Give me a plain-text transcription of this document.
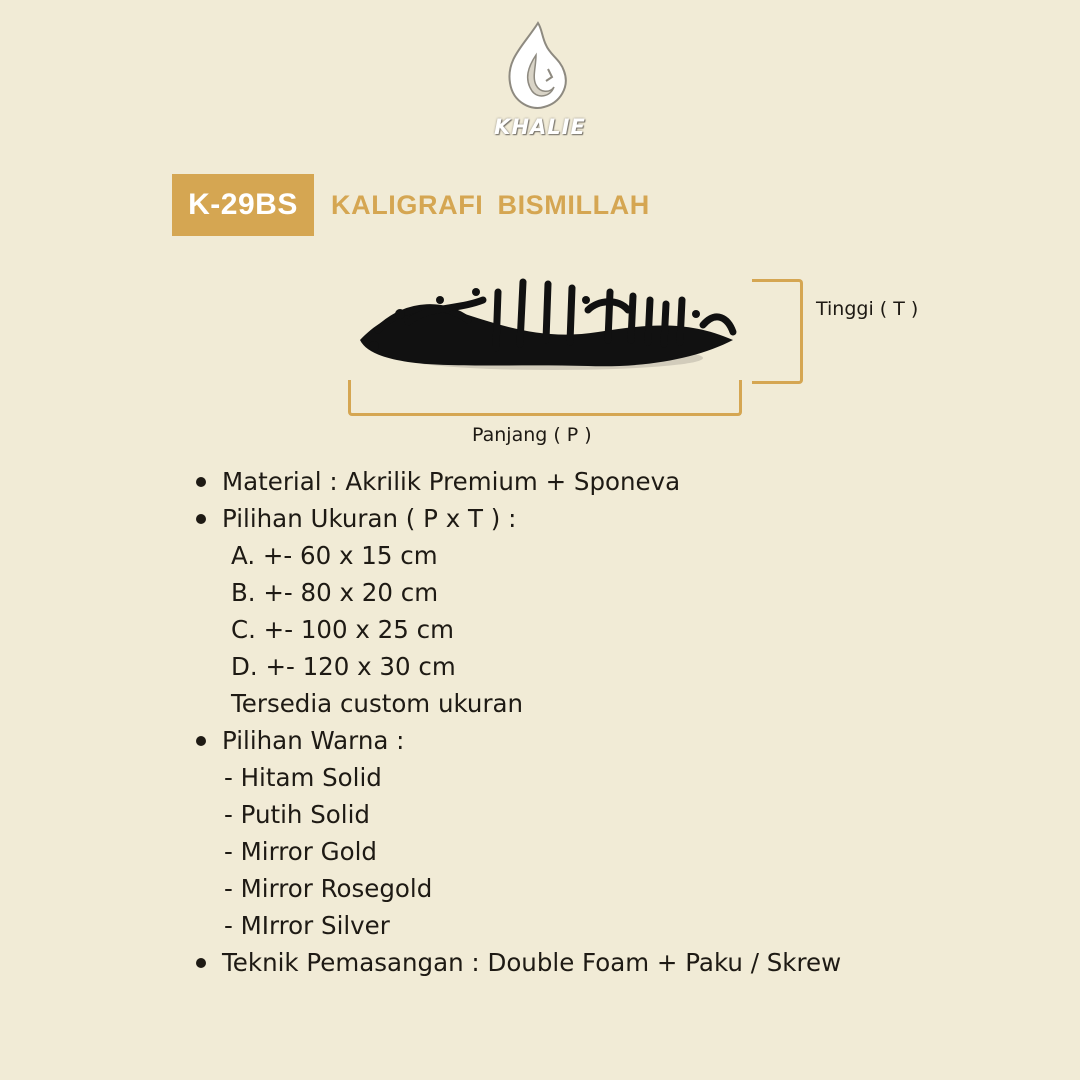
KHALIE
K-29BS	KALIGRAFI BISMILLAH
Tinggi ( T )
Panjang ( P )
Material : Akrilik Premium + Sponeva
Pilihan Ukuran ( P x T ) :
A. +- 60 x 15 cm
B. +- 80 x 20 cm
C. +- 100 x 25 cm
D. +- 120 x 30 cm
Tersedia custom ukuran
Pilihan Warna :
- Hitam Solid
- Putih Solid
- Mirror Gold
- Mirror Rosegold
- MIrror Silver
Teknik Pemasangan : Double Foam + Paku / Skrew
